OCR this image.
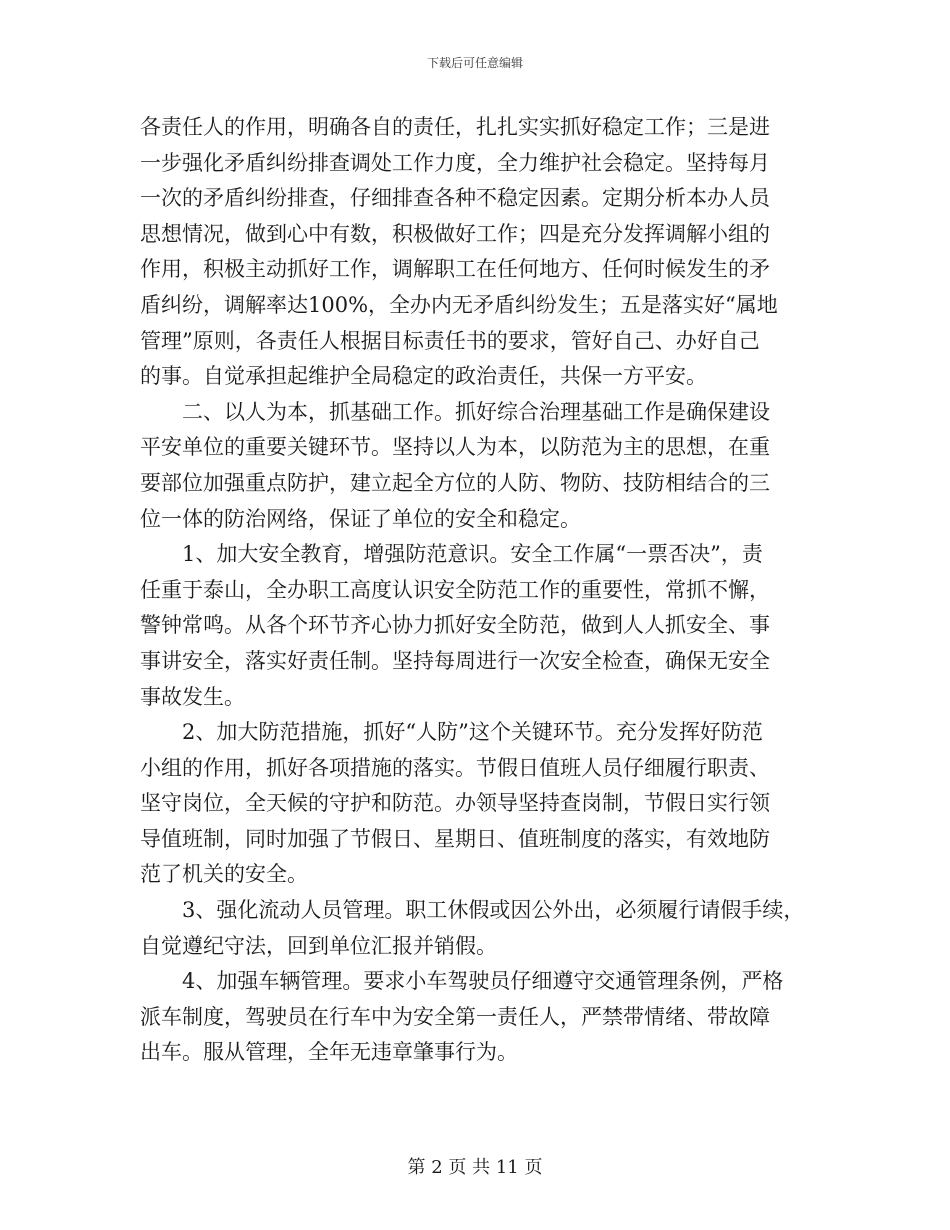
下载后可任意编辑

各责任人的作用，明确各自的责任，扎扎实实抓好稳定工作；三是进

一步强化矛盾纠纷排查调处工作力度，全力维护社会稳定。坚持每月

一次的矛盾纠纷排查，仔细排查各种不稳定因素。定期分析本办人员

思想情况，做到心中有数，积极做好工作；四是充分发挥调解小组的

作用，积极主动抓好工作，调解职工在任何地方、任何时候发生的矛

盾纠纷，调解率达100%，全办内无矛盾纠纷发生；五是落实好“属地

管理”原则，各责任人根据目标责任书的要求，管好自己、办好自己

的事。自觉承担起维护全局稳定的政治责任，共保一方平安。

　　二、以人为本，抓基础工作。抓好综合治理基础工作是确保建设

平安单位的重要关键环节。坚持以人为本，以防范为主的思想，在重

要部位加强重点防护，建立起全方位的人防、物防、技防相结合的三

位一体的防治网络，保证了单位的安全和稳定。

　　1、加大安全教育，增强防范意识。安全工作属“一票否决”，责

任重于泰山，全办职工高度认识安全防范工作的重要性，常抓不懈，

警钟常鸣。从各个环节齐心协力抓好安全防范，做到人人抓安全、事

事讲安全，落实好责任制。坚持每周进行一次安全检查，确保无安全

事故发生。

　　2、加大防范措施，抓好“人防”这个关键环节。充分发挥好防范

小组的作用，抓好各项措施的落实。节假日值班人员仔细履行职责、

坚守岗位，全天候的守护和防范。办领导坚持查岗制，节假日实行领

导值班制，同时加强了节假日、星期日、值班制度的落实，有效地防

范了机关的安全。

　　3、强化流动人员管理。职工休假或因公外出，必须履行请假手续，

自觉遵纪守法，回到单位汇报并销假。

　　4、加强车辆管理。要求小车驾驶员仔细遵守交通管理条例，严格

派车制度，驾驶员在行车中为安全第一责任人，严禁带情绪、带故障

出车。服从管理，全年无违章肇事行为。

第 2 页 共 11 页
